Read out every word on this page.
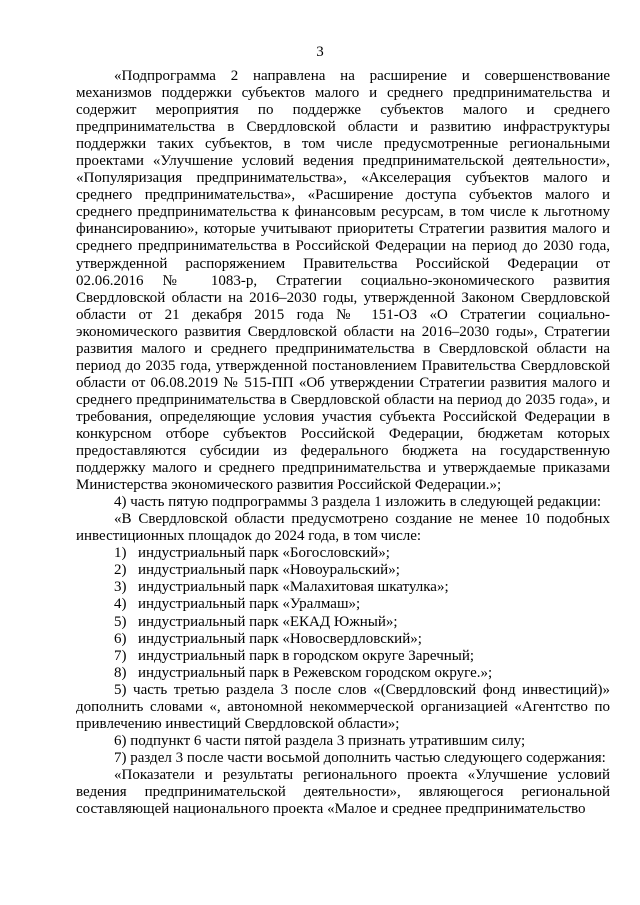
3

«Подпрограмма 2 направлена на расширение и совершенствование механизмов поддержки субъектов малого и среднего предпринимательства и содержит мероприятия по поддержке субъектов малого и среднего предпринимательства в Свердловской области и развитию инфраструктуры поддержки таких субъектов, в том числе предусмотренные региональными проектами «Улучшение условий ведения предпринимательской деятельности», «Популяризация предпринимательства», «Акселерация субъектов малого и среднего предпринимательства», «Расширение доступа субъектов малого и среднего предпринимательства к финансовым ресурсам, в том числе к льготному финансированию», которые учитывают приоритеты Стратегии развития малого и среднего предпринимательства в Российской Федерации на период до 2030 года, утвержденной распоряжением Правительства Российской Федерации от 02.06.2016 № 1083-р, Стратегии социально-экономического развития Свердловской области на 2016–2030 годы, утвержденной Законом Свердловской области от 21 декабря 2015 года № 151-ОЗ «О Стратегии социально-экономического развития Свердловской области на 2016–2030 годы», Стратегии развития малого и среднего предпринимательства в Свердловской области на период до 2035 года, утвержденной постановлением Правительства Свердловской области от 06.08.2019 № 515-ПП «Об утверждении Стратегии развития малого и среднего предпринимательства в Свердловской области на период до 2035 года», и требования, определяющие условия участия субъекта Российской Федерации в конкурсном отборе субъектов Российской Федерации, бюджетам которых предоставляются субсидии из федерального бюджета на государственную поддержку малого и среднего предпринимательства и утверждаемые приказами Министерства экономического развития Российской Федерации.»;

4) часть пятую подпрограммы 3 раздела 1 изложить в следующей редакции:

«В Свердловской области предусмотрено создание не менее 10 подобных инвестиционных площадок до 2024 года, в том числе:

1) индустриальный парк «Богословский»;

2) индустриальный парк «Новоуральский»;

3) индустриальный парк «Малахитовая шкатулка»;

4) индустриальный парк «Уралмаш»;

5) индустриальный парк «ЕКАД Южный»;

6) индустриальный парк «Новосвердловский»;

7) индустриальный парк в городском округе Заречный;

8) индустриальный парк в Режевском городском округе.»;

5) часть третью раздела 3 после слов «(Свердловский фонд инвестиций)» дополнить словами «, автономной некоммерческой организацией «Агентство по привлечению инвестиций Свердловской области»;

6) подпункт 6 части пятой раздела 3 признать утратившим силу;

7) раздел 3 после части восьмой дополнить частью следующего содержания:

«Показатели и результаты регионального проекта «Улучшение условий ведения предпринимательской деятельности», являющегося региональной составляющей национального проекта «Малое и среднее предпринимательство
